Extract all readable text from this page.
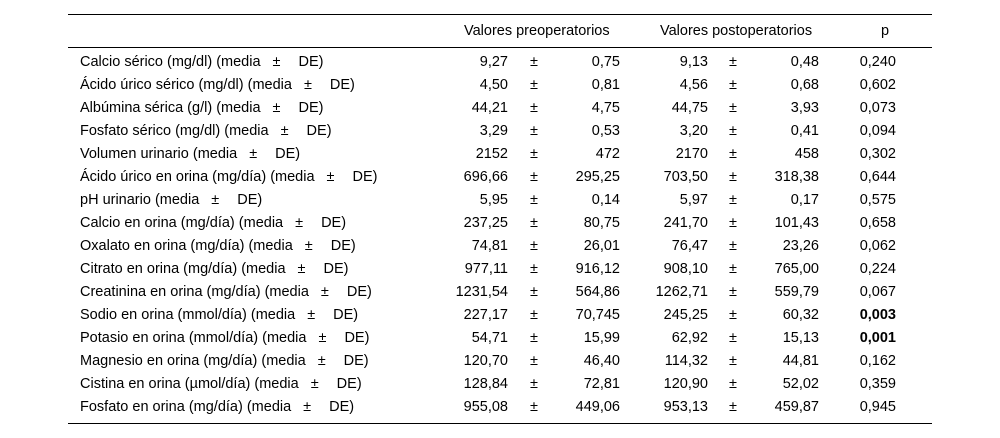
Valores preoperatorios	Valores postoperatorios	p
Calcio sérico (mg/dl) (media ± DE)	9,27	±	0,75	9,13	±	0,48	0,240
Ácido úrico sérico (mg/dl) (media ± DE)	4,50	±	0,81	4,56	±	0,68	0,602
Albúmina sérica (g/l) (media ± DE)	44,21	±	4,75	44,75	±	3,93	0,073
Fosfato sérico (mg/dl) (media ± DE)	3,29	±	0,53	3,20	±	0,41	0,094
Volumen urinario (media ± DE)	2152	±	472	2170	±	458	0,302
Ácido úrico en orina (mg/día) (media ± DE)	696,66	±	295,25	703,50	±	318,38	0,644
pH urinario (media ± DE)	5,95	±	0,14	5,97	±	0,17	0,575
Calcio en orina (mg/día) (media ± DE)	237,25	±	80,75	241,70	±	101,43	0,658
Oxalato en orina (mg/día) (media ± DE)	74,81	±	26,01	76,47	±	23,26	0,062
Citrato en orina (mg/día) (media ± DE)	977,11	±	916,12	908,10	±	765,00	0,224
Creatinina en orina (mg/día) (media ± DE)	1231,54	±	564,86	1262,71	±	559,79	0,067
Sodio en orina (mmol/día) (media ± DE)	227,17	±	70,745	245,25	±	60,32	0,003
Potasio en orina (mmol/día) (media ± DE)	54,71	±	15,99	62,92	±	15,13	0,001
Magnesio en orina (mg/día) (media ± DE)	120,70	±	46,40	114,32	±	44,81	0,162
Cistina en orina (µmol/día) (media ± DE)	128,84	±	72,81	120,90	±	52,02	0,359
Fosfato en orina (mg/día) (media ± DE)	955,08	±	449,06	953,13	±	459,87	0,945
